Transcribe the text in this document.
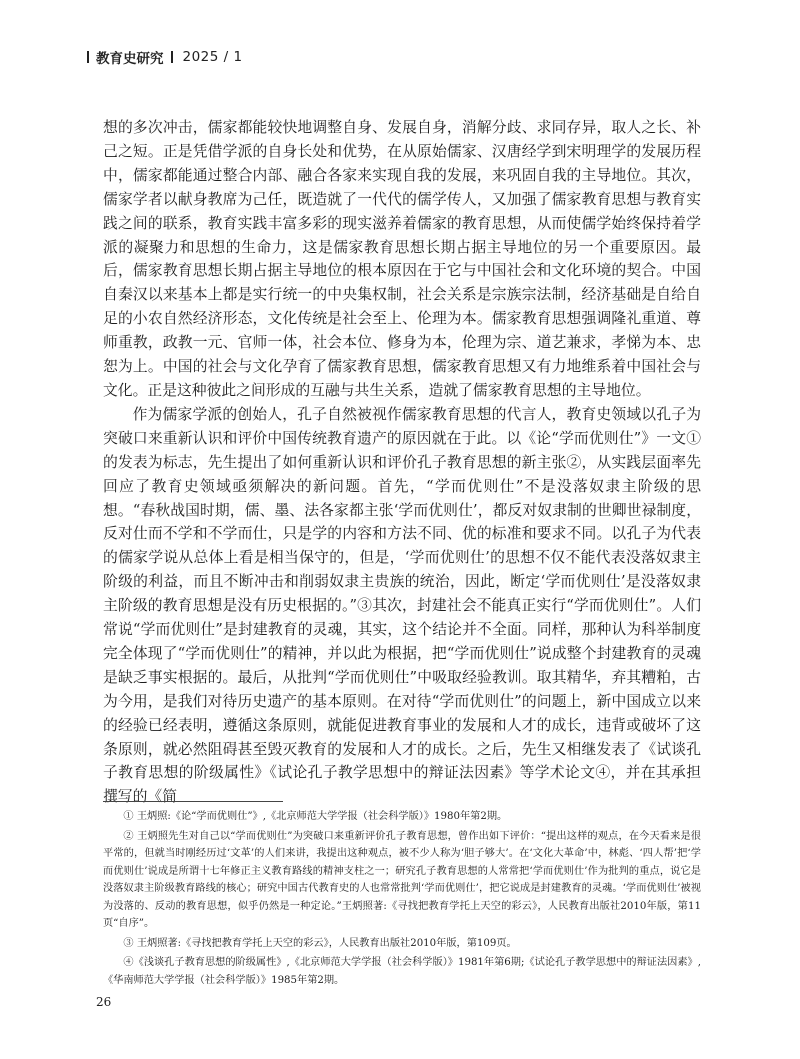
教育史研究 2025 / 1

想的多次冲击，儒家都能较快地调整自身、发展自身，消解分歧、求同存异，取人之长、补己之短。正是凭借学派的自身长处和优势，在从原始儒家、汉唐经学到宋明理学的发展历程中，儒家都能通过整合内部、融合各家来实现自我的发展，来巩固自我的主导地位。其次，儒家学者以献身教席为己任，既造就了一代代的儒学传人，又加强了儒家教育思想与教育实践之间的联系，教育实践丰富多彩的现实滋养着儒家的教育思想，从而使儒学始终保持着学派的凝聚力和思想的生命力，这是儒家教育思想长期占据主导地位的另一个重要原因。最后，儒家教育思想长期占据主导地位的根本原因在于它与中国社会和文化环境的契合。中国自秦汉以来基本上都是实行统一的中央集权制，社会关系是宗族宗法制，经济基础是自给自足的小农自然经济形态，文化传统是社会至上、伦理为本。儒家教育思想强调隆礼重道、尊师重教，政教一元、官师一体，社会本位、修身为本，伦理为宗、道艺兼求，孝悌为本、忠恕为上。中国的社会与文化孕育了儒家教育思想，儒家教育思想又有力地维系着中国社会与文化。正是这种彼此之间形成的互融与共生关系，造就了儒家教育思想的主导地位。

作为儒家学派的创始人，孔子自然被视作儒家教育思想的代言人，教育史领域以孔子为突破口来重新认识和评价中国传统教育遗产的原因就在于此。以《论“学而优则仕”》一文①的发表为标志，先生提出了如何重新认识和评价孔子教育思想的新主张②，从实践层面率先回应了教育史领域亟须解决的新问题。首先，“学而优则仕”不是没落奴隶主阶级的思想。“春秋战国时期，儒、墨、法各家都主张‘学而优则仕’，都反对奴隶制的世卿世禄制度，反对仕而不学和不学而仕，只是学的内容和方法不同、优的标准和要求不同。以孔子为代表的儒家学说从总体上看是相当保守的，但是，‘学而优则仕’的思想不仅不能代表没落奴隶主阶级的利益，而且不断冲击和削弱奴隶主贵族的统治，因此，断定‘学而优则仕’是没落奴隶主阶级的教育思想是没有历史根据的。”③其次，封建社会不能真正实行“学而优则仕”。人们常说“学而优则仕”是封建教育的灵魂，其实，这个结论并不全面。同样，那种认为科举制度完全体现了“学而优则仕”的精神，并以此为根据，把“学而优则仕”说成整个封建教育的灵魂是缺乏事实根据的。最后，从批判“学而优则仕”中吸取经验教训。取其精华，弃其糟粕，古为今用，是我们对待历史遗产的基本原则。在对待“学而优则仕”的问题上，新中国成立以来的经验已经表明，遵循这条原则，就能促进教育事业的发展和人才的成长，违背或破坏了这条原则，就必然阻碍甚至毁灭教育的发展和人才的成长。之后，先生又相继发表了《试谈孔子教育思想的阶级属性》《试论孔子教学思想中的辩证法因素》等学术论文④，并在其承担撰写的《简

① 王炳照:《论“学而优则仕”》,《北京师范大学学报（社会科学版）》1980年第2期。

② 王炳照先生对自己以“学而优则仕”为突破口来重新评价孔子教育思想，曾作出如下评价：“提出这样的观点，在今天看来是很平常的，但就当时刚经历过‘文革’的人们来讲，我提出这种观点，被不少人称为‘胆子够大’。在‘文化大革命’中，林彪、‘四人帮’把‘学而优则仕’说成是所谓十七年修正主义教育路线的精神支柱之一；研究孔子教育思想的人常常把‘学而优则仕’作为批判的重点，说它是没落奴隶主阶级教育路线的核心；研究中国古代教育史的人也常常批判‘学而优则仕’，把它说成是封建教育的灵魂。‘学而优则仕’被视为没落的、反动的教育思想，似乎仍然是一种定论。”王炳照著:《寻找把教育学托上天空的彩云》，人民教育出版社2010年版，第11页“自序”。

③ 王炳照著:《寻找把教育学托上天空的彩云》，人民教育出版社2010年版，第109页。

④《浅谈孔子教育思想的阶级属性》,《北京师范大学学报（社会科学版）》1981年第6期;《试论孔子教学思想中的辩证法因素》,《华南师范大学学报（社会科学版）》1985年第2期。

26
